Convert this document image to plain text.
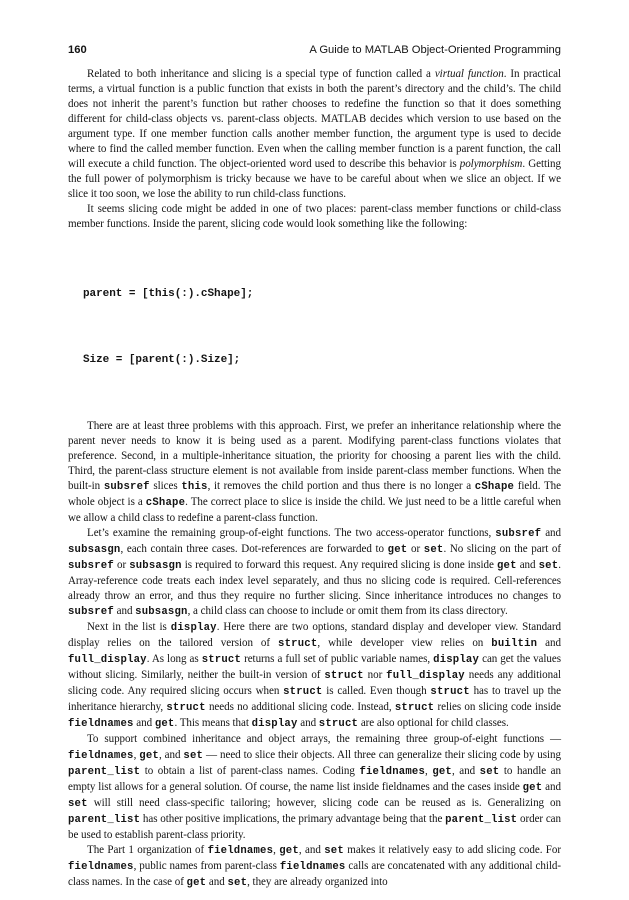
160	A Guide to MATLAB Object-Oriented Programming

Related to both inheritance and slicing is a special type of function called a virtual function. In practical terms, a virtual function is a public function that exists in both the parent’s directory and the child’s. The child does not inherit the parent’s function but rather chooses to redefine the function so that it does something different for child-class objects vs. parent-class objects. MATLAB decides which version to use based on the argument type. If one member function calls another member function, the argument type is used to decide where to find the called member function. Even when the calling member function is a parent function, the call will execute a child function. The object-oriented word used to describe this behavior is polymorphism. Getting the full power of polymorphism is tricky because we have to be careful about when we slice an object. If we slice it too soon, we lose the ability to run child-class functions.

It seems slicing code might be added in one of two places: parent-class member functions or child-class member functions. Inside the parent, slicing code would look something like the following:

parent = [this(:).cShape];

Size = [parent(:).Size];

There are at least three problems with this approach. First, we prefer an inheritance relationship where the parent never needs to know it is being used as a parent. Modifying parent-class functions violates that preference. Second, in a multiple-inheritance situation, the priority for choosing a parent lies with the child. Third, the parent-class structure element is not available from inside parent-class member functions. When the built-in subsref slices this, it removes the child portion and thus there is no longer a cShape field. The whole object is a cShape. The correct place to slice is inside the child. We just need to be a little careful when we allow a child class to redefine a parent-class function.

Let’s examine the remaining group-of-eight functions. The two access-operator functions, subsref and subsasgn, each contain three cases. Dot-references are forwarded to get or set. No slicing on the part of subsref or subsasgn is required to forward this request. Any required slicing is done inside get and set. Array-reference code treats each index level separately, and thus no slicing code is required. Cell-references already throw an error, and thus they require no further slicing. Since inheritance introduces no changes to subsref and subsasgn, a child class can choose to include or omit them from its class directory.

Next in the list is display. Here there are two options, standard display and developer view. Standard display relies on the tailored version of struct, while developer view relies on builtin and full_display. As long as struct returns a full set of public variable names, display can get the values without slicing. Similarly, neither the built-in version of struct nor full_display needs any additional slicing code. Any required slicing occurs when struct is called. Even though struct has to travel up the inheritance hierarchy, struct needs no additional slicing code. Instead, struct relies on slicing code inside fieldnames and get. This means that display and struct are also optional for child classes.

To support combined inheritance and object arrays, the remaining three group-of-eight functions — fieldnames, get, and set — need to slice their objects. All three can generalize their slicing code by using parent_list to obtain a list of parent-class names. Coding fieldnames, get, and set to handle an empty list allows for a general solution. Of course, the name list inside fieldnames and the cases inside get and set will still need class-specific tailoring; however, slicing code can be reused as is. Generalizing on parent_list has other positive implications, the primary advantage being that the parent_list order can be used to establish parent-class priority.

The Part 1 organization of fieldnames, get, and set makes it relatively easy to add slicing code. For fieldnames, public names from parent-class fieldnames calls are concatenated with any additional child-class names. In the case of get and set, they are already organized into
